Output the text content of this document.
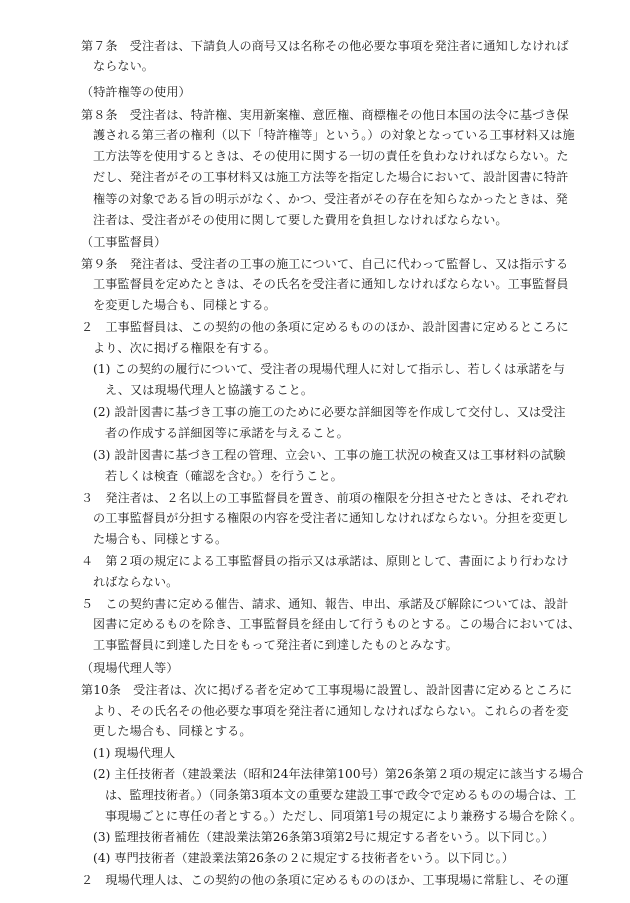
第７条　受注者は、下請負人の商号又は名称その他必要な事項を発注者に通知しなければ
ならない。
（特許権等の使用）
第８条　受注者は、特許権、実用新案権、意匠権、商標権その他日本国の法令に基づき保
護される第三者の権利（以下「特許権等」という。）の対象となっている工事材料又は施
工方法等を使用するときは、その使用に関する一切の責任を負わなければならない。た
だし、発注者がその工事材料又は施工方法等を指定した場合において、設計図書に特許
権等の対象である旨の明示がなく、かつ、受注者がその存在を知らなかったときは、発
注者は、受注者がその使用に関して要した費用を負担しなければならない。
（工事監督員）
第９条　発注者は、受注者の工事の施工について、自己に代わって監督し、又は指示する
工事監督員を定めたときは、その氏名を受注者に通知しなければならない。工事監督員
を変更した場合も、同様とする。
２　工事監督員は、この契約の他の条項に定めるもののほか、設計図書に定めるところに
より、次に掲げる権限を有する。
(1) この契約の履行について、受注者の現場代理人に対して指示し、若しくは承諾を与
え、又は現場代理人と協議すること。
(2) 設計図書に基づき工事の施工のために必要な詳細図等を作成して交付し、又は受注
者の作成する詳細図等に承諾を与えること。
(3) 設計図書に基づき工程の管理、立会い、工事の施工状況の検査又は工事材料の試験
若しくは検査（確認を含む。）を行うこと。
３　発注者は、２名以上の工事監督員を置き、前項の権限を分担させたときは、それぞれ
の工事監督員が分担する権限の内容を受注者に通知しなければならない。分担を変更し
た場合も、同様とする。
４　第２項の規定による工事監督員の指示又は承諾は、原則として、書面により行わなけ
ればならない。
５　この契約書に定める催告、請求、通知、報告、申出、承諾及び解除については、設計
図書に定めるものを除き、工事監督員を経由して行うものとする。この場合においては、
工事監督員に到達した日をもって発注者に到達したものとみなす。
（現場代理人等）
第10条　受注者は、次に掲げる者を定めて工事現場に設置し、設計図書に定めるところに
より、その氏名その他必要な事項を発注者に通知しなければならない。これらの者を変
更した場合も、同様とする。
(1) 現場代理人
(2) 主任技術者（建設業法（昭和24年法律第100号）第26条第２項の規定に該当する場合
は、監理技術者。）（同条第3項本文の重要な建設工事で政令で定めるものの場合は、工
事現場ごとに専任の者とする。）ただし、同項第1号の規定により兼務する場合を除く。
(3) 監理技術者補佐（建設業法第26条第3項第2号に規定する者をいう。以下同じ。）
(4) 専門技術者（建設業法第26条の２に規定する技術者をいう。以下同じ。）
２　現場代理人は、この契約の他の条項に定めるもののほか、工事現場に常駐し、その運
